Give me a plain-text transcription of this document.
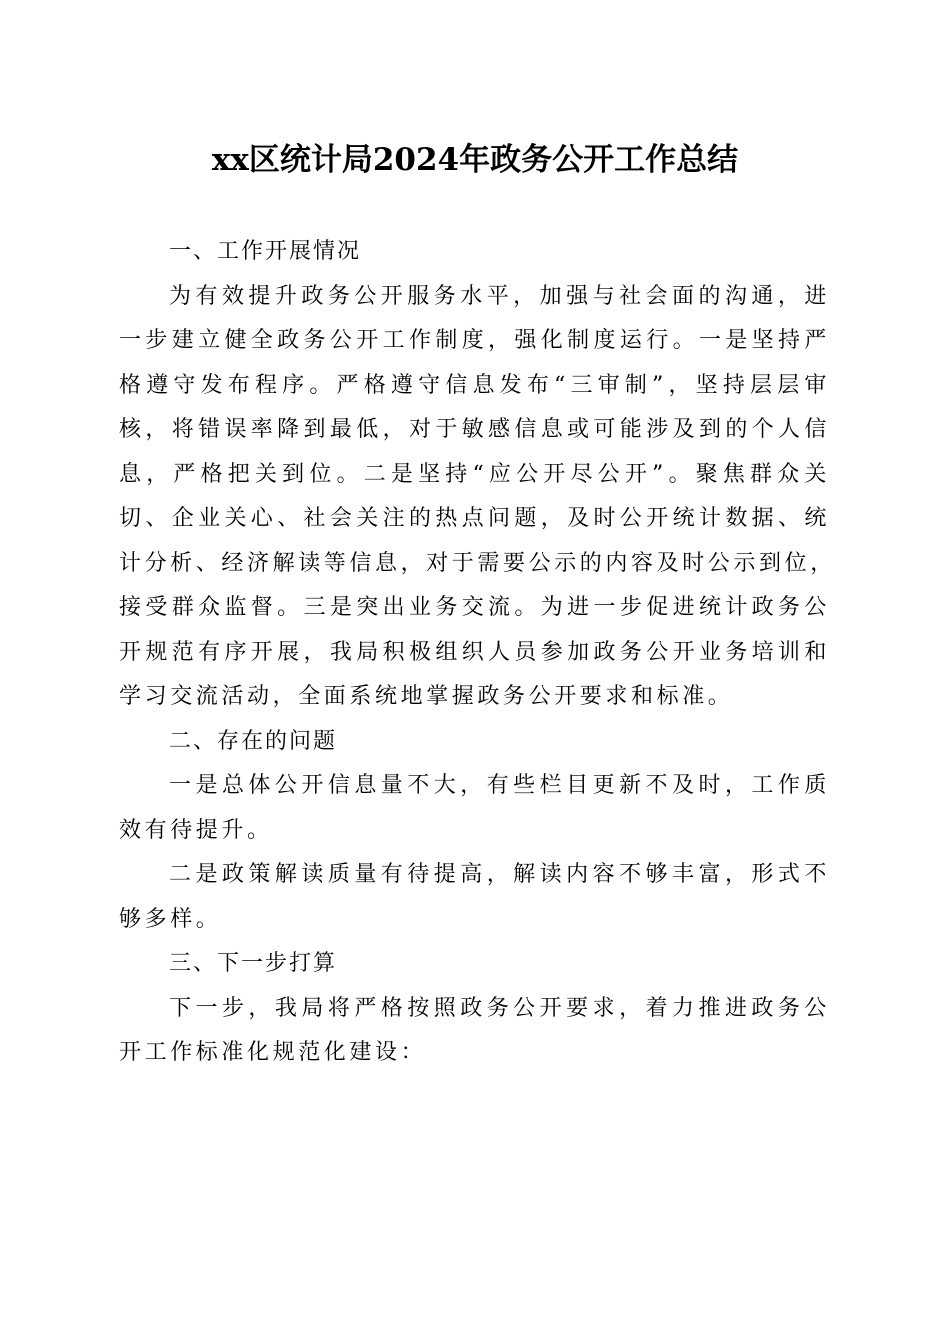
xx区统计局2024年政务公开工作总结

一、工作开展情况

为有效提升政务公开服务水平，加强与社会面的沟通，进
一步建立健全政务公开工作制度，强化制度运行。一是坚持严
格遵守发布程序。严格遵守信息发布“三审制”，坚持层层审
核，将错误率降到最低，对于敏感信息或可能涉及到的个人信
息，严格把关到位。二是坚持“应公开尽公开”。聚焦群众关
切、企业关心、社会关注的热点问题，及时公开统计数据、统
计分析、经济解读等信息，对于需要公示的内容及时公示到位，
接受群众监督。三是突出业务交流。为进一步促进统计政务公
开规范有序开展，我局积极组织人员参加政务公开业务培训和
学习交流活动，全面系统地掌握政务公开要求和标准。

二、存在的问题

一是总体公开信息量不大，有些栏目更新不及时，工作质
效有待提升。

二是政策解读质量有待提高，解读内容不够丰富，形式不
够多样。

三、下一步打算

下一步，我局将严格按照政务公开要求，着力推进政务公
开工作标准化规范化建设：
